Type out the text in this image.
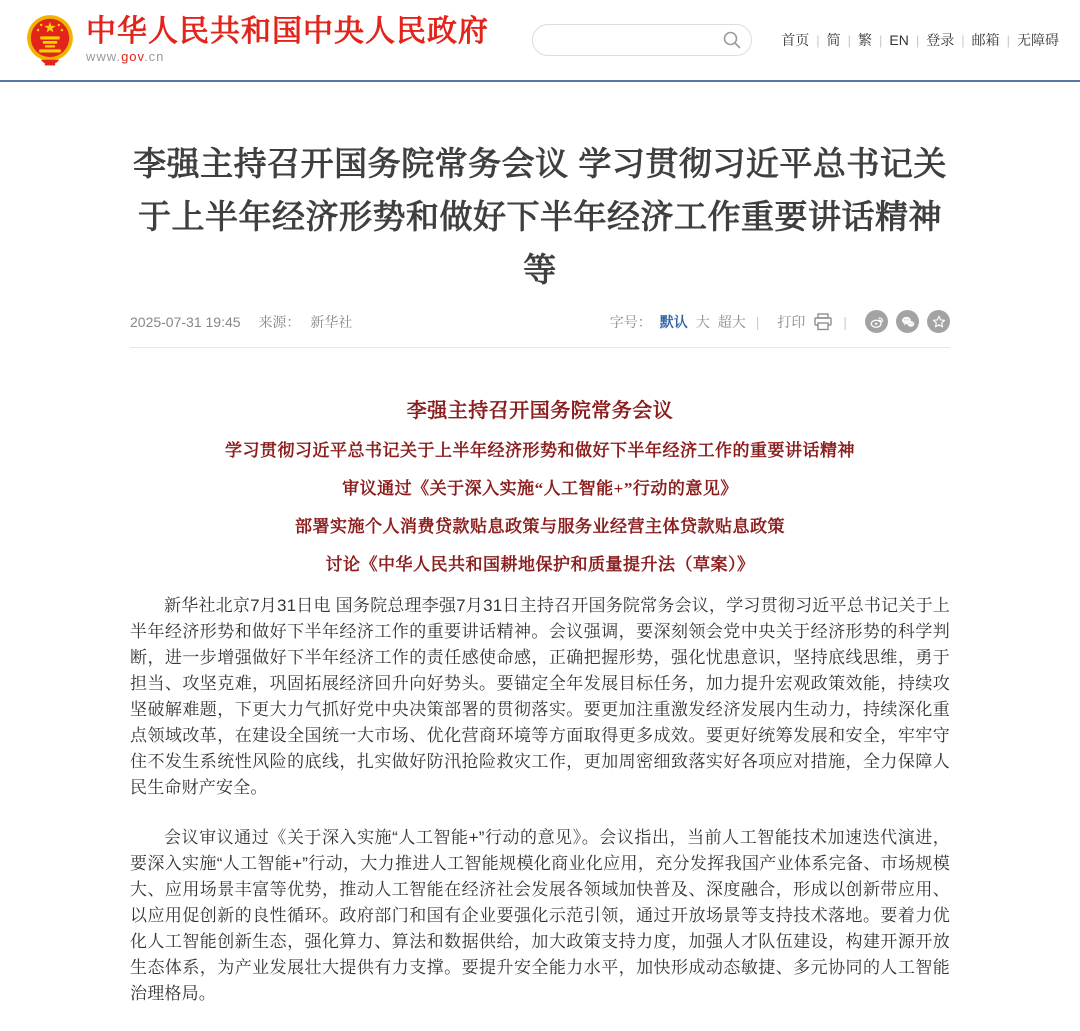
中华人民共和国中央人民政府
www.gov.cn
首页 | 简 | 繁 | EN | 登录 | 邮箱 | 无障碍
李强主持召开国务院常务会议 学习贯彻习近平总书记关于上半年经济形势和做好下半年经济工作重要讲话精神等
2025-07-31 19:45 来源： 新华社	字号： 默认 大 超大 | 打印	|
李强主持召开国务院常务会议
学习贯彻习近平总书记关于上半年经济形势和做好下半年经济工作的重要讲话精神
审议通过《关于深入实施“人工智能+”行动的意见》
部署实施个人消费贷款贴息政策与服务业经营主体贷款贴息政策
讨论《中华人民共和国耕地保护和质量提升法（草案）》

新华社北京7月31日电 国务院总理李强7月31日主持召开国务院常务会议，学习贯彻习近平总书记关于上半年经济形势和做好下半年经济工作的重要讲话精神。会议强调，要深刻领会党中央关于经济形势的科学判断，进一步增强做好下半年经济工作的责任感使命感，正确把握形势，强化忧患意识，坚持底线思维，勇于担当、攻坚克难，巩固拓展经济回升向好势头。要锚定全年发展目标任务，加力提升宏观政策效能，持续攻坚破解难题，下更大力气抓好党中央决策部署的贯彻落实。要更加注重激发经济发展内生动力，持续深化重点领域改革，在建设全国统一大市场、优化营商环境等方面取得更多成效。要更好统筹发展和安全，牢牢守住不发生系统性风险的底线，扎实做好防汛抢险救灾工作，更加周密细致落实好各项应对措施，全力保障人民生命财产安全。

会议审议通过《关于深入实施“人工智能+”行动的意见》。会议指出，当前人工智能技术加速迭代演进，要深入实施“人工智能+”行动，大力推进人工智能规模化商业化应用，充分发挥我国产业体系完备、市场规模大、应用场景丰富等优势，推动人工智能在经济社会发展各领域加快普及、深度融合，形成以创新带应用、以应用促创新的良性循环。政府部门和国有企业要强化示范引领，通过开放场景等支持技术落地。要着力优化人工智能创新生态，强化算力、算法和数据供给，加大政策支持力度，加强人才队伍建设，构建开源开放生态体系，为产业发展壮大提供有力支撑。要提升安全能力水平，加快形成动态敏捷、多元协同的人工智能治理格局。
